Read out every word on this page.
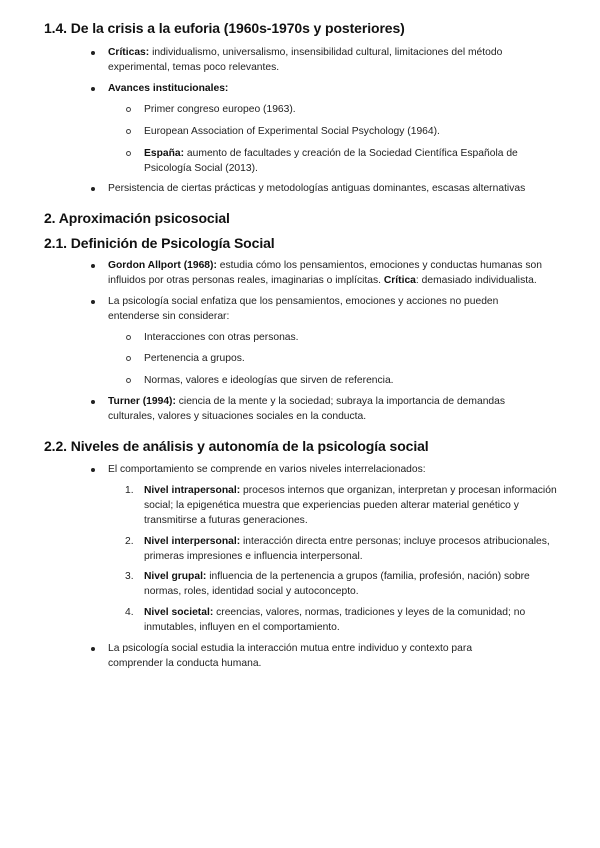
1.4. De la crisis a la euforia (1960s-1970s y posteriores)
Críticas: individualismo, universalismo, insensibilidad cultural, limitaciones del método experimental, temas poco relevantes.
Avances institucionales:
Primer congreso europeo (1963).
European Association of Experimental Social Psychology (1964).
España: aumento de facultades y creación de la Sociedad Científica Española de Psicología Social (2013).
Persistencia de ciertas prácticas y metodologías antiguas dominantes, escasas alternativas
2. Aproximación psicosocial
2.1. Definición de Psicología Social
Gordon Allport (1968): estudia cómo los pensamientos, emociones y conductas humanas son influidos por otras personas reales, imaginarias o implícitas. Crítica: demasiado individualista.
La psicología social enfatiza que los pensamientos, emociones y acciones no pueden entenderse sin considerar:
Interacciones con otras personas.
Pertenencia a grupos.
Normas, valores e ideologías que sirven de referencia.
Turner (1994): ciencia de la mente y la sociedad; subraya la importancia de demandas culturales, valores y situaciones sociales en la conducta.
2.2. Niveles de análisis y autonomía de la psicología social
El comportamiento se comprende en varios niveles interrelacionados:
1. Nivel intrapersonal: procesos internos que organizan, interpretan y procesan información social; la epigenética muestra que experiencias pueden alterar material genético y transmitirse a futuras generaciones.
2. Nivel interpersonal: interacción directa entre personas; incluye procesos atribucionales, primeras impresiones e influencia interpersonal.
3. Nivel grupal: influencia de la pertenencia a grupos (familia, profesión, nación) sobre normas, roles, identidad social y autoconcepto.
4. Nivel societal: creencias, valores, normas, tradiciones y leyes de la comunidad; no inmutables, influyen en el comportamiento.
La psicología social estudia la interacción mutua entre individuo y contexto para comprender la conducta humana.
